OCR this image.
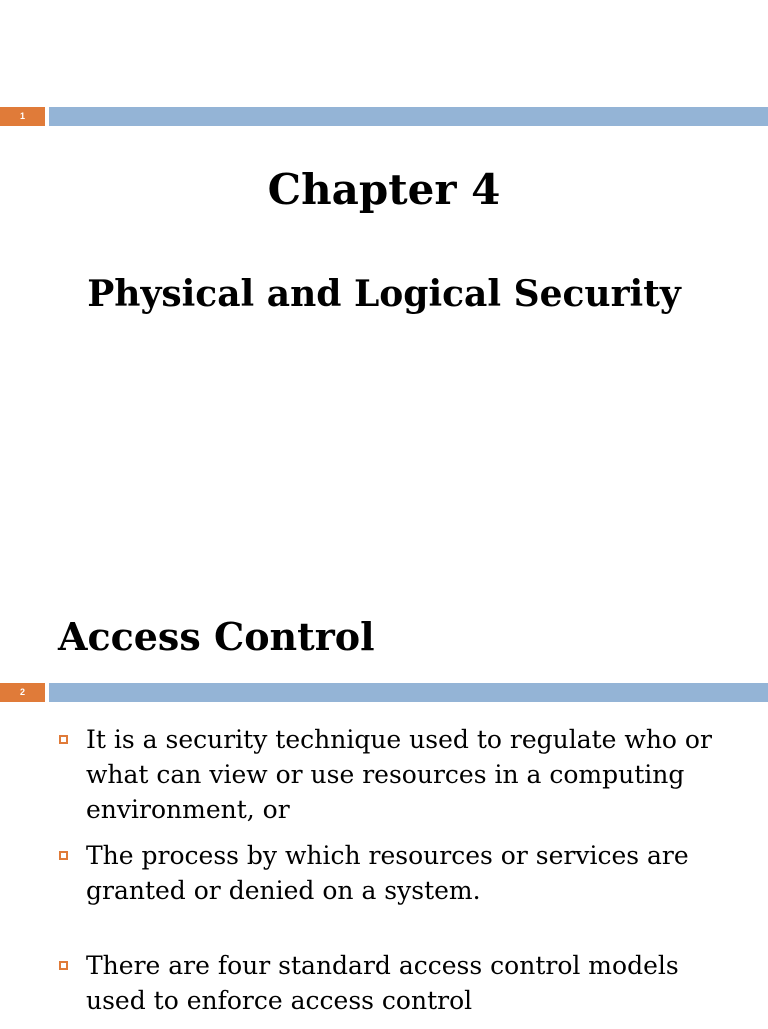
1
Chapter 4
Physical and Logical Security
Access Control
2
It is a security technique used to regulate who or what can view or use resources in a computing environment, or
The process by which resources or services are granted or denied on a system.
There are four standard access control models used to enforce access control
